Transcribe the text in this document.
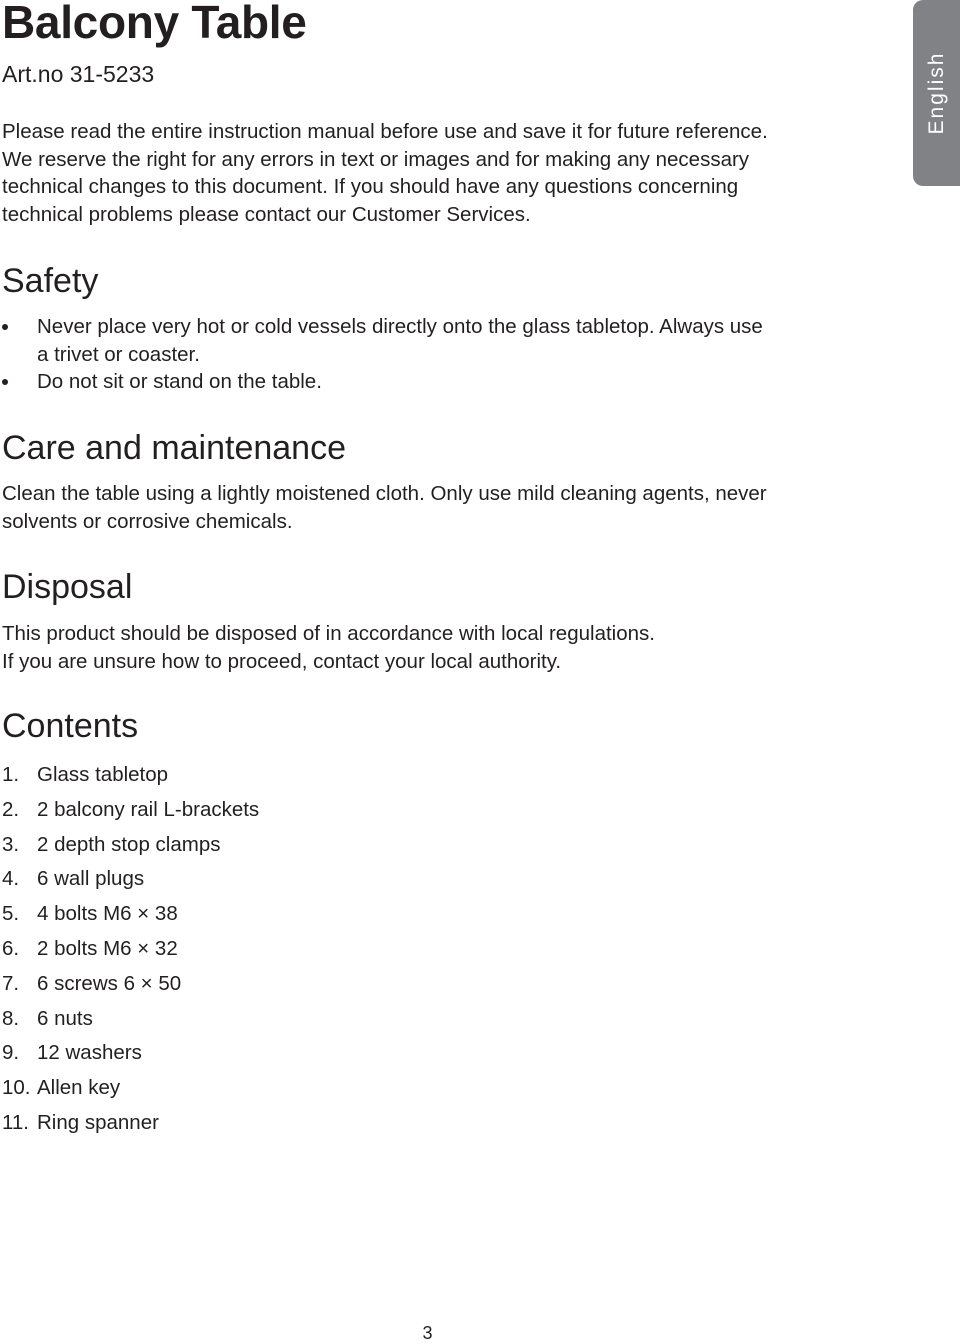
Balcony Table

Art.no 31-5233

Please read the entire instruction manual before use and save it for future reference.
We reserve the right for any errors in text or images and for making any necessary
technical changes to this document. If you should have any questions concerning
technical problems please contact our Customer Services.

Safety
Never place very hot or cold vessels directly onto the glass tabletop. Always use
a trivet or coaster.
Do not sit or stand on the table.
Care and maintenance

Clean the table using a lightly moistened cloth. Only use mild cleaning agents, never
solvents or corrosive chemicals.

Disposal

This product should be disposed of in accordance with local regulations.
If you are unsure how to proceed, contact your local authority.

Contents
1. Glass tabletop
2. 2 balcony rail L-brackets
3. 2 depth stop clamps
4. 6 wall plugs
5. 4 bolts M6 × 38
6. 2 bolts M6 × 32
7. 6 screws 6 × 50
8. 6 nuts
9. 12 washers
10. Allen key
11. Ring spanner
English
3
